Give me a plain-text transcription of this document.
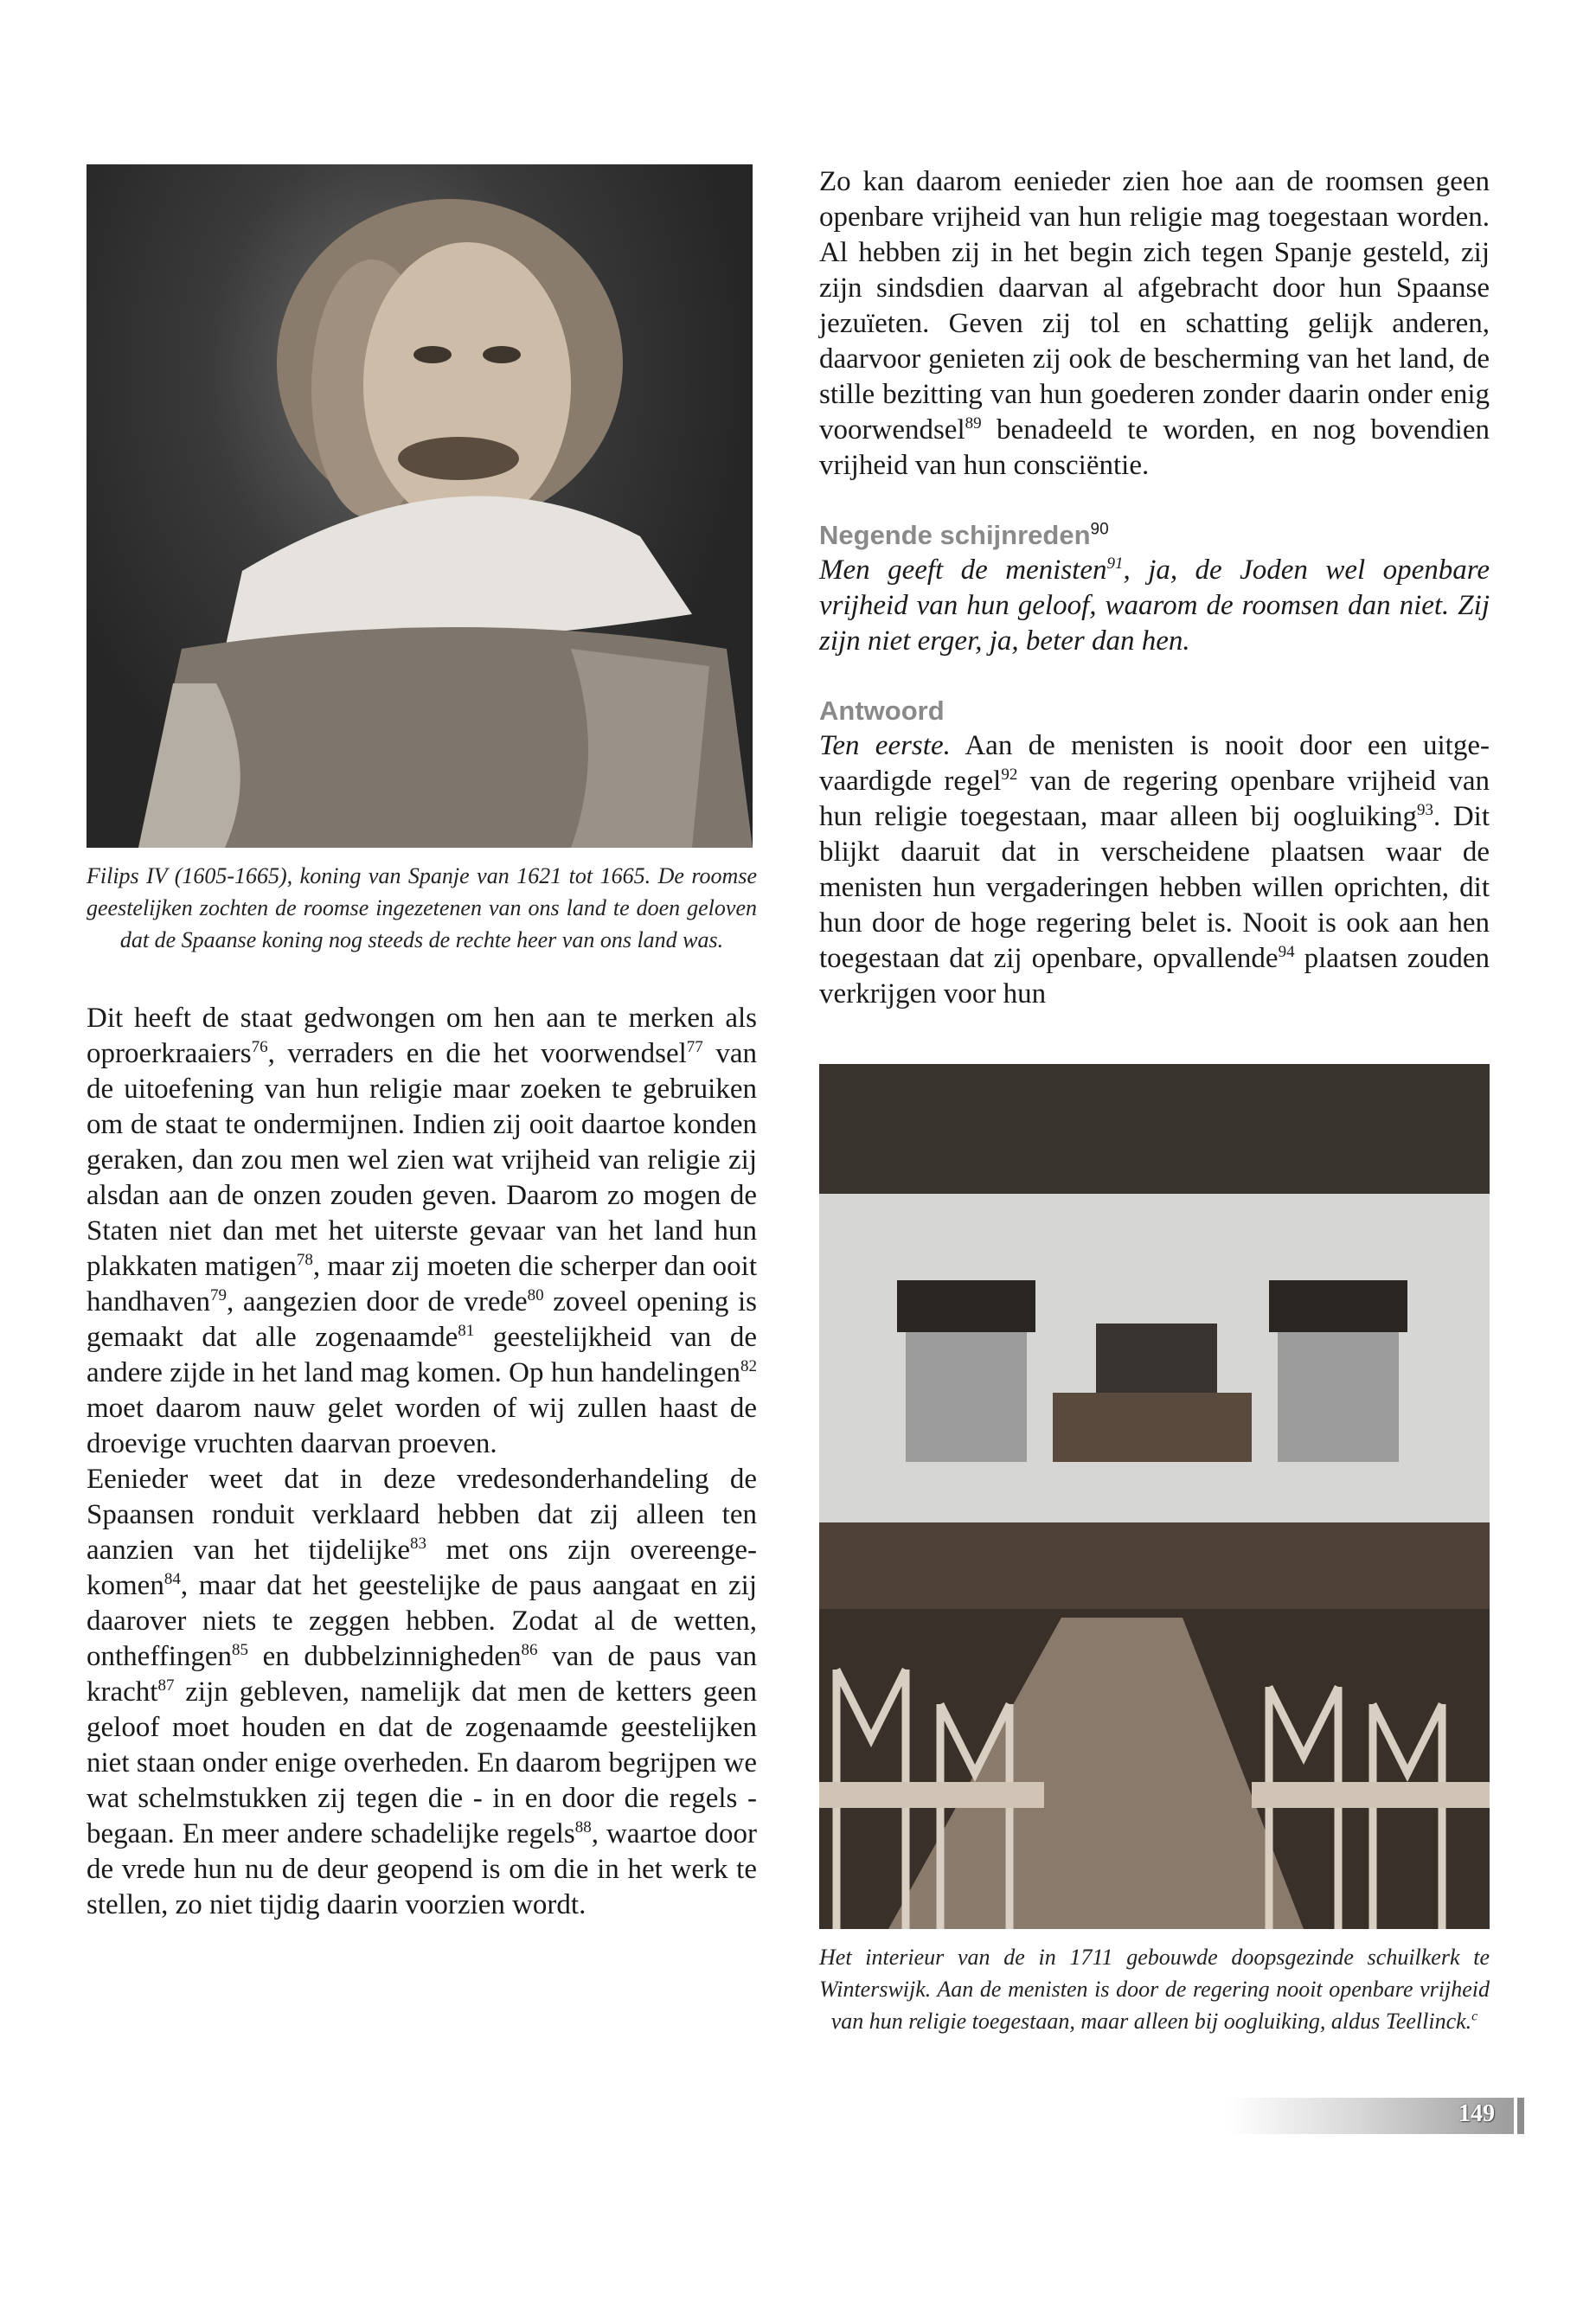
Filips IV (1605-1665), koning van Spanje van 1621 tot 1665. De roomse geestelijken zochten de roomse ingezetenen van ons land te doen geloven dat de Spaanse koning nog steeds de rechte heer van ons land was.

Dit heeft de staat gedwongen om hen aan te merken als oproerkraaiers$^{76}$, verraders en die het voorwendsel$^{77}$ van de uitoefening van hun religie maar zoeken te gebruiken om de staat te ondermijnen. Indien zij ooit daartoe konden geraken, dan zou men wel zien wat vrijheid van religie zij alsdan aan de onzen zouden geven. Daarom zo mogen de Staten niet dan met het uiterste gevaar van het land hun plakkaten matigen$^{78}$, maar zij moeten die scherper dan ooit handhaven$^{79}$, aangezien door de vrede$^{80}$ zoveel opening is gemaakt dat alle zogenaamde$^{81}$ geestelijkheid van de andere zijde in het land mag komen. Op hun handelingen$^{82}$ moet daarom nauw gelet worden of wij zullen haast de droevige vruchten daarvan proeven.

Eenieder weet dat in deze vredesonderhandeling de Spaansen ronduit verklaard hebben dat zij alleen ten aanzien van het tijdelijke$^{83}$ met ons zijn overeengekomen$^{84}$, maar dat het geestelijke de paus aangaat en zij daarover niets te zeggen hebben. Zodat al de wetten, ontheffingen$^{85}$ en dubbelzinnigheden$^{86}$ van de paus van kracht$^{87}$ zijn gebleven, namelijk dat men de ketters geen geloof moet houden en dat de zogenaamde geestelijken niet staan onder enige overheden. En daarom begrijpen we wat schelmstukken zij tegen die - in en door die regels - begaan. En meer andere schadelijke regels$^{88}$, waartoe door de vrede hun nu de deur geopend is om die in het werk te stellen, zo niet tijdig daarin voorzien wordt.

Zo kan daarom eenieder zien hoe aan de roomsen geen openbare vrijheid van hun religie mag toegestaan worden. Al hebben zij in het begin zich tegen Spanje gesteld, zij zijn sindsdien daarvan al afgebracht door hun Spaanse jezuïeten. Geven zij tol en schatting gelijk anderen, daarvoor genieten zij ook de bescherming van het land, de stille bezitting van hun goederen zonder daarin onder enig voorwendsel$^{89}$ benadeeld te worden, en nog bovendien vrijheid van hun consciëntie.

Negende schijnreden$^{90}$

Men geeft de menisten$^{91}$, ja, de Joden wel openbare vrijheid van hun geloof, waarom de roomsen dan niet. Zij zijn niet erger, ja, beter dan hen.

Antwoord

Ten eerste. Aan de menisten is nooit door een uitgevaardigde regel$^{92}$ van de regering openbare vrijheid van hun religie toegestaan, maar alleen bij oogluiking$^{93}$. Dit blijkt daaruit dat in verscheidene plaatsen waar de menisten hun vergaderingen hebben willen oprichten, dit hun door de hoge regering belet is. Nooit is ook aan hen toegestaan dat zij openbare, opvallende$^{94}$ plaatsen zouden verkrijgen voor hun

Het interieur van de in 1711 gebouwde doopsgezinde schuilkerk te Winterswijk. Aan de menisten is door de regering nooit openbare vrijheid van hun religie toegestaan, maar alleen bij oogluiking, aldus Teellinck.$^c$
149
